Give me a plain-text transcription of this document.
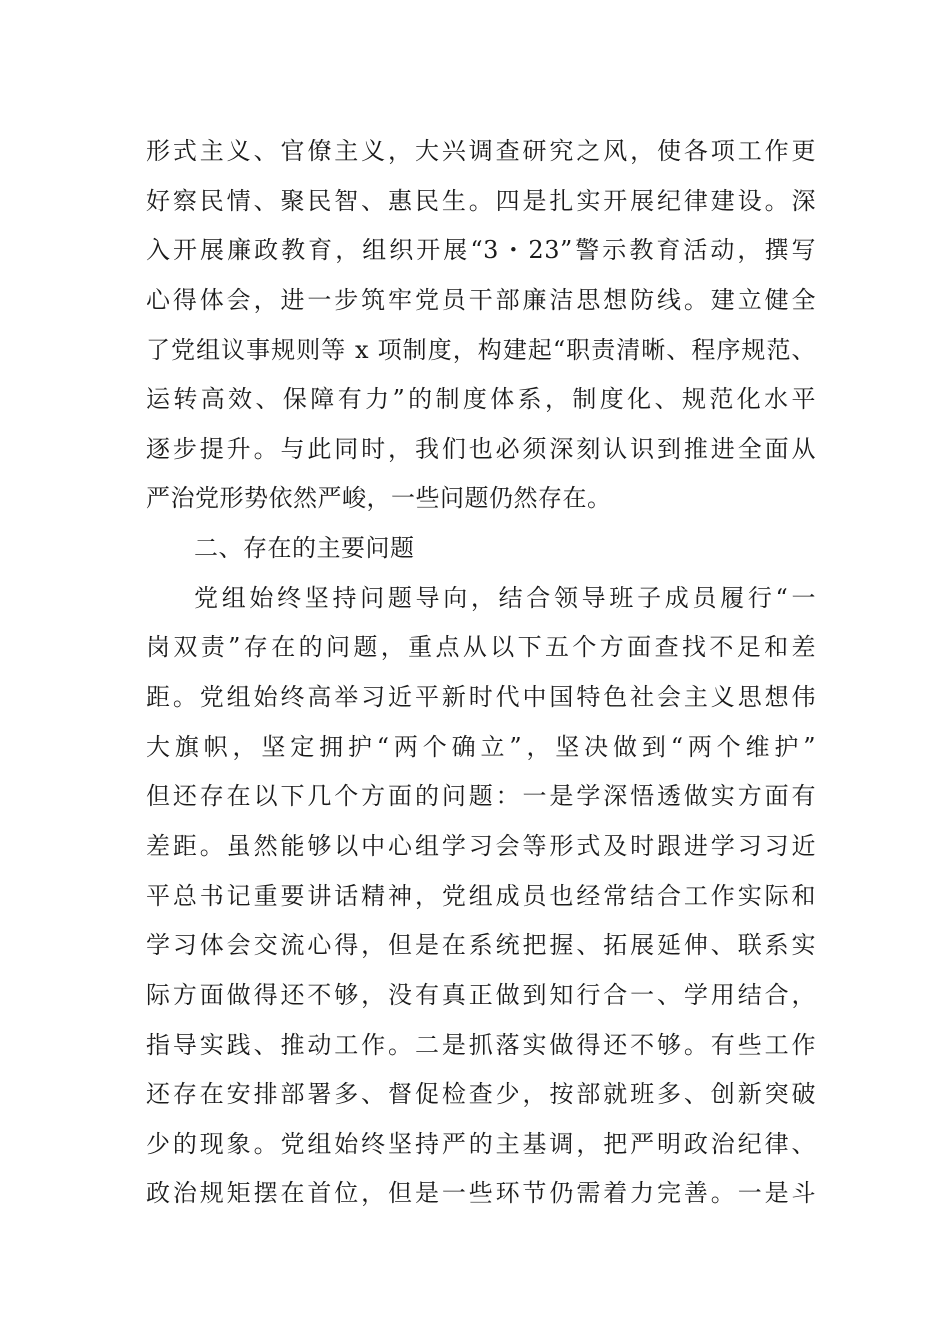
形式主义、官僚主义，大兴调查研究之风，使各项工作更
好察民情、聚民智、惠民生。四是扎实开展纪律建设。深
入开展廉政教育，组织开展“3・23”警示教育活动，撰写
心得体会，进一步筑牢党员干部廉洁思想防线。建立健全
了党组议事规则等 x 项制度，构建起“职责清晰、程序规范、
运转高效、保障有力”的制度体系，制度化、规范化水平
逐步提升。与此同时，我们也必须深刻认识到推进全面从
严治党形势依然严峻，一些问题仍然存在。
二、存在的主要问题
党组始终坚持问题导向，结合领导班子成员履行“一
岗双责”存在的问题，重点从以下五个方面查找不足和差
距。党组始终高举习近平新时代中国特色社会主义思想伟
大旗帜，坚定拥护“两个确立”，坚决做到“两个维护”
但还存在以下几个方面的问题：一是学深悟透做实方面有
差距。虽然能够以中心组学习会等形式及时跟进学习习近
平总书记重要讲话精神，党组成员也经常结合工作实际和
学习体会交流心得，但是在系统把握、拓展延伸、联系实
际方面做得还不够，没有真正做到知行合一、学用结合，
指导实践、推动工作。二是抓落实做得还不够。有些工作
还存在安排部署多、督促检查少，按部就班多、创新突破
少的现象。党组始终坚持严的主基调，把严明政治纪律、
政治规矩摆在首位，但是一些环节仍需着力完善。一是斗
